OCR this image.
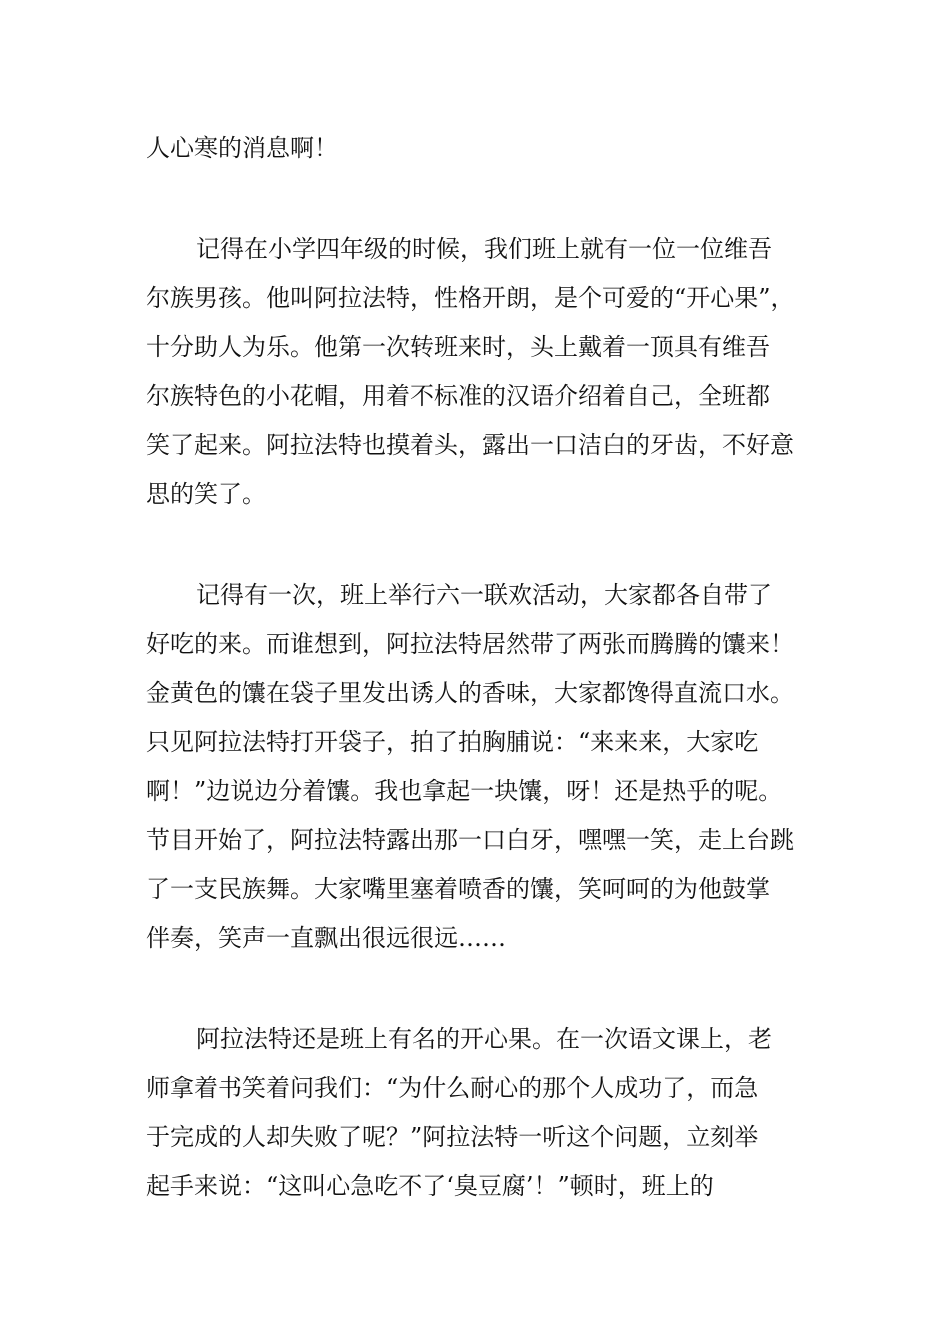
人心寒的消息啊！
记得在小学四年级的时候，我们班上就有一位一位维吾
尔族男孩。他叫阿拉法特，性格开朗，是个可爱的“开心果”，
十分助人为乐。他第一次转班来时，头上戴着一顶具有维吾
尔族特色的小花帽，用着不标准的汉语介绍着自己，全班都
笑了起来。阿拉法特也摸着头，露出一口洁白的牙齿，不好意
思的笑了。
记得有一次，班上举行六一联欢活动，大家都各自带了
好吃的来。而谁想到，阿拉法特居然带了两张而腾腾的馕来！
金黄色的馕在袋子里发出诱人的香味，大家都馋得直流口水。
只见阿拉法特打开袋子，拍了拍胸脯说：“来来来，大家吃
啊！”边说边分着馕。我也拿起一块馕，呀！还是热乎的呢。
节目开始了，阿拉法特露出那一口白牙，嘿嘿一笑，走上台跳
了一支民族舞。大家嘴里塞着喷香的馕，笑呵呵的为他鼓掌
伴奏，笑声一直飘出很远很远……
阿拉法特还是班上有名的开心果。在一次语文课上，老
师拿着书笑着问我们：“为什么耐心的那个人成功了，而急
于完成的人却失败了呢？”阿拉法特一听这个问题，立刻举
起手来说：“这叫心急吃不了‘臭豆腐’！”顿时，班上的
